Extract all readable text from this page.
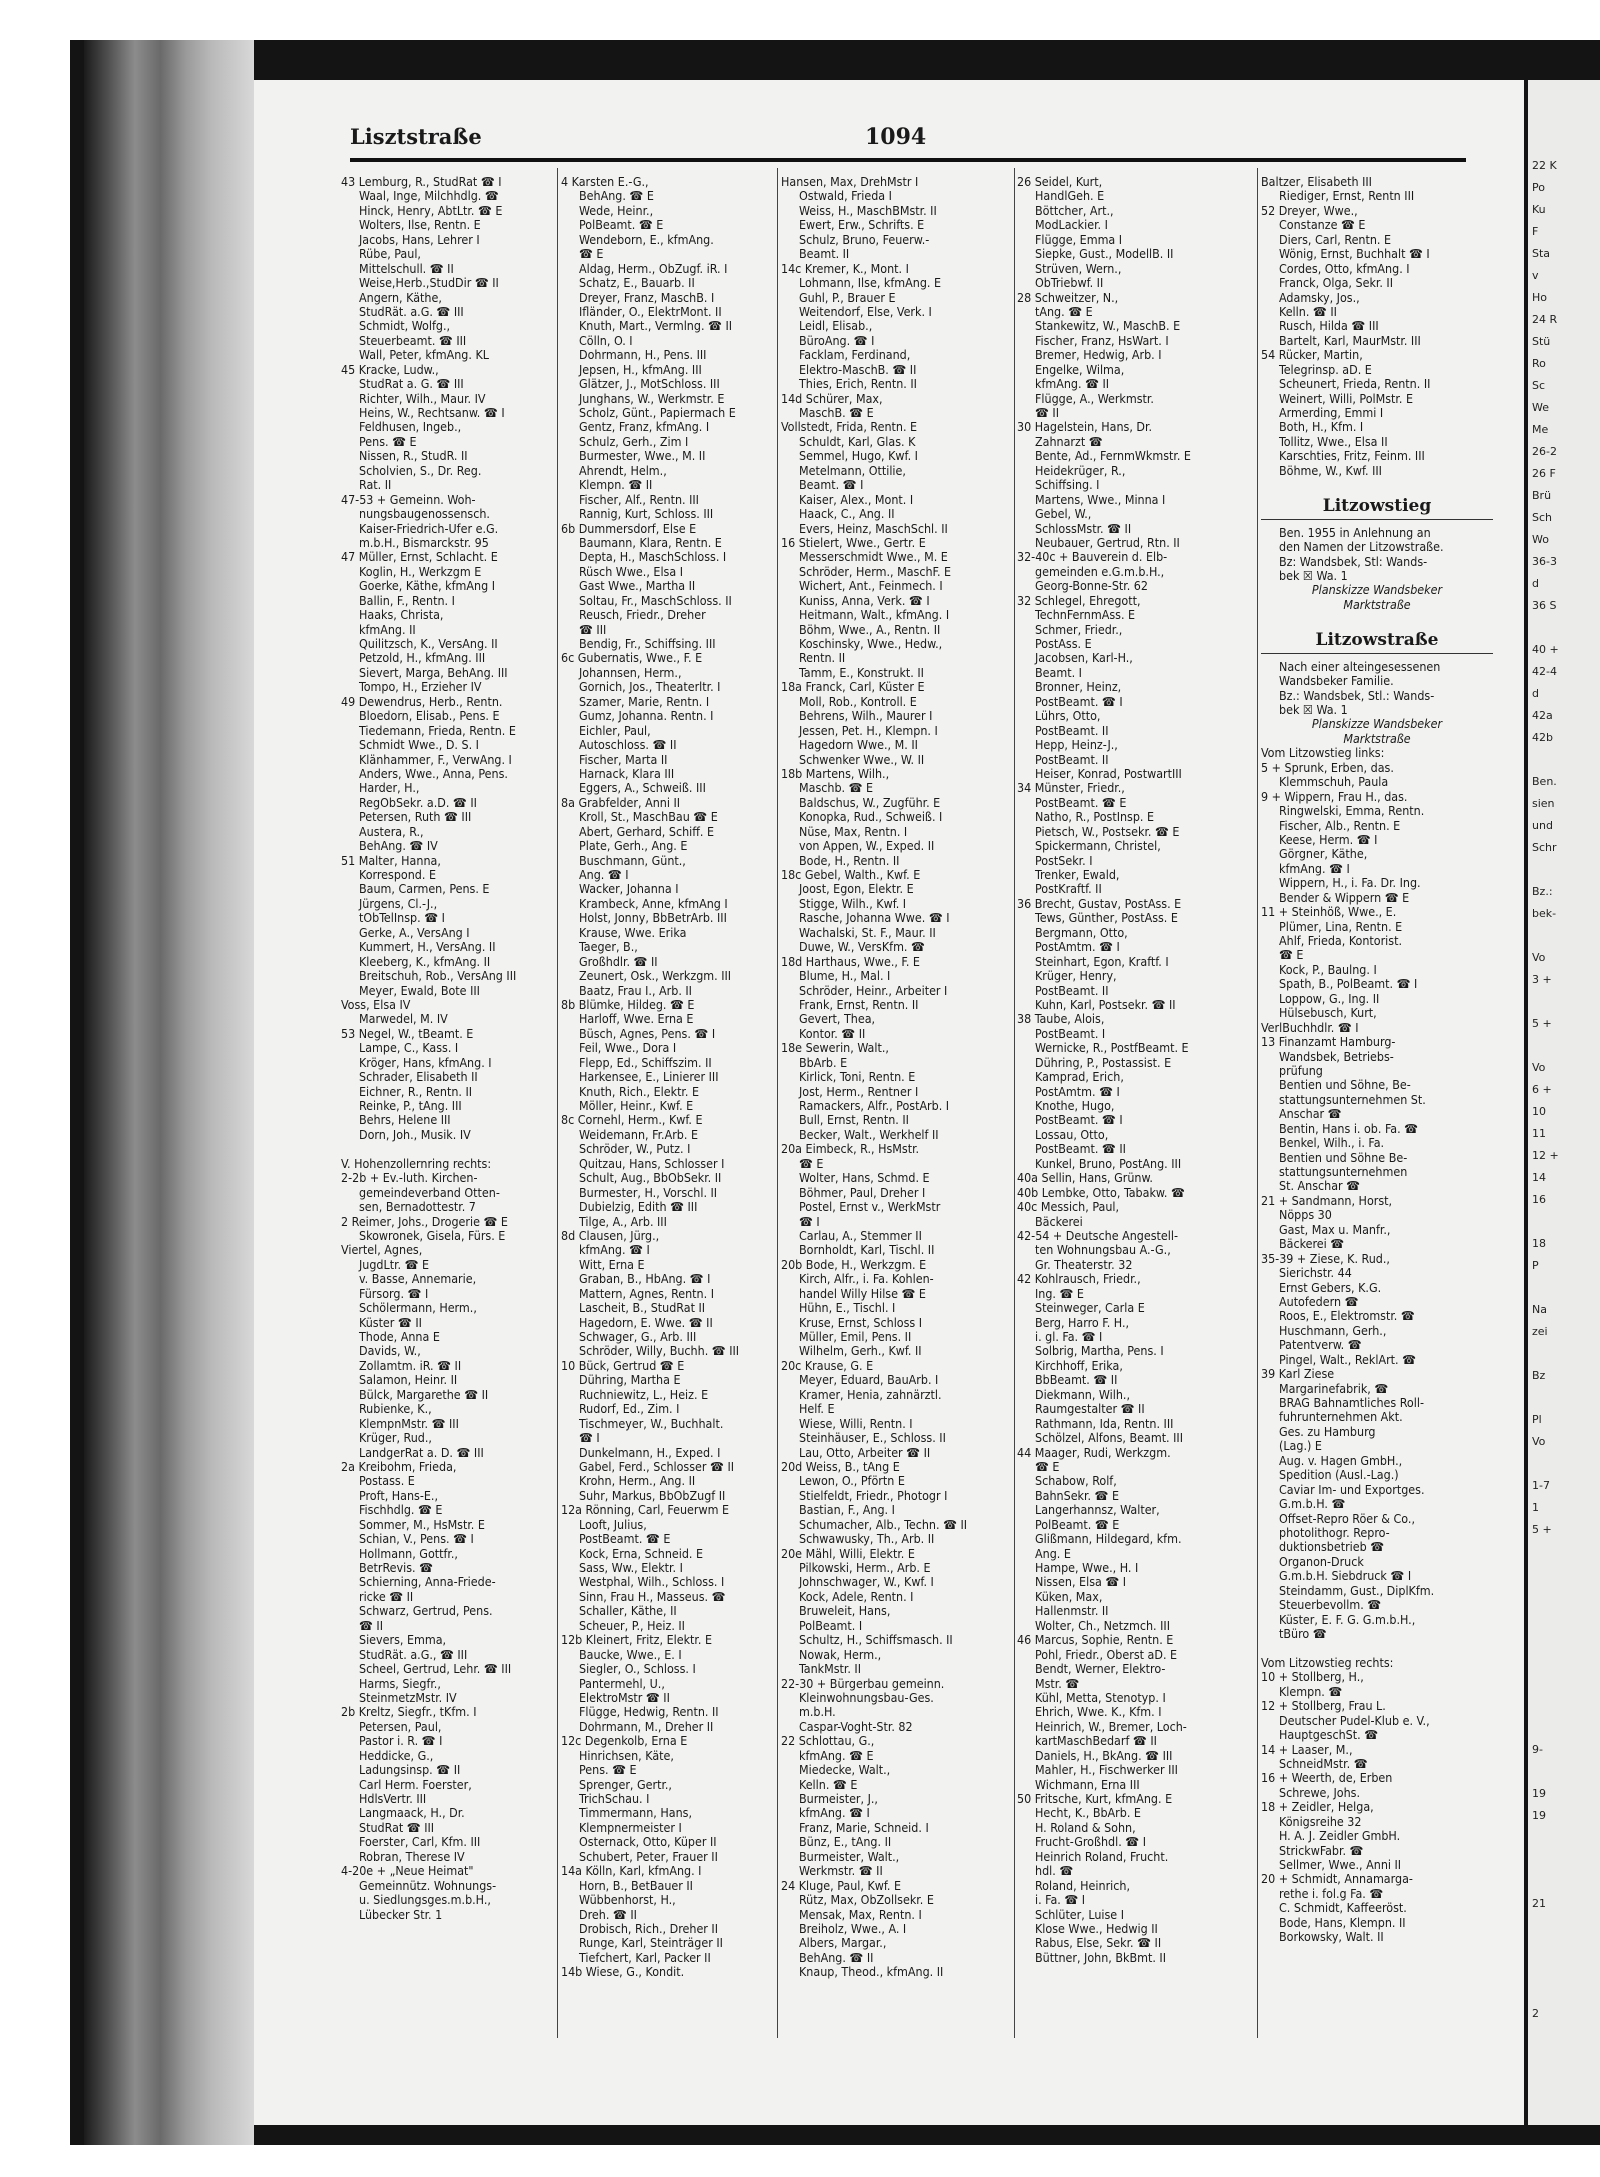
22 K
Po
Ku
F
Sta
v
Ho
24 R
Stü
Ro
Sc
We
Me
26-2
26 F
Brü
Sch
Wo
36-3
d
36 S
40 +
42-4
d
42a
42b
Ben.
sien
und
Schr
Bz.:
bek-
Vo
3 +
5 +
Vo
6 +
10
11
12 +
14
16
18
P
Na
zei
Bz
Pl
Vo
1-7
1
5 +
9-
19
19
21
2
Lisztstraße	1094
43 Lemburg, R., StudRat ☎ I
Waal, Inge, Milchhdlg. ☎
Hinck, Henry, AbtLtr. ☎ E
Wolters, Ilse, Rentn. E
Jacobs, Hans, Lehrer I
Rübe, Paul,
Mittelschull. ☎ II
Weise,Herb.,StudDir ☎ II
Angern, Käthe,
StudRät. a.G. ☎ III
Schmidt, Wolfg.,
Steuerbeamt. ☎ III
Wall, Peter, kfmAng. KL
45 Kracke, Ludw.,
StudRat a. G. ☎ III
Richter, Wilh., Maur. IV
Heins, W., Rechtsanw. ☎ I
Feldhusen, Ingeb.,
Pens. ☎ E
Nissen, R., StudR. II
Scholvien, S., Dr. Reg.
Rat. II
47-53 + Gemeinn. Woh-
nungsbaugenossensch.
Kaiser-Friedrich-Ufer e.G.
m.b.H., Bismarckstr. 95
47 Müller, Ernst, Schlacht. E
Koglin, H., Werkzgm E
Goerke, Käthe, kfmAng I
Ballin, F., Rentn. I
Haaks, Christa,
kfmAng. II
Quilitzsch, K., VersAng. II
Petzold, H., kfmAng. III
Sievert, Marga, BehAng. III
Tompo, H., Erzieher IV
49 Dewendrus, Herb., Rentn.
Bloedorn, Elisab., Pens. E
Tiedemann, Frieda, Rentn. E
Schmidt Wwe., D. S. I
Klänhammer, F., VerwAng. I
Anders, Wwe., Anna, Pens.
Harder, H.,
RegObSekr. a.D. ☎ II
Petersen, Ruth ☎ III
Austera, R.,
BehAng. ☎ IV
51 Malter, Hanna,
Korrespond. E
Baum, Carmen, Pens. E
Jürgens, Cl.-J.,
tObTelInsp. ☎ I
Gerke, A., VersAng I
Kummert, H., VersAng. II
Kleeberg, K., kfmAng. II
Breitschuh, Rob., VersAng III
Meyer, Ewald, Bote III
Voss, Elsa IV
Marwedel, M. IV
53 Negel, W., tBeamt. E
Lampe, C., Kass. I
Kröger, Hans, kfmAng. I
Schrader, Elisabeth II
Eichner, R., Rentn. II
Reinke, P., tAng. III
Behrs, Helene III
Dorn, Joh., Musik. IV
V. Hohenzollernring rechts:
2-2b + Ev.-luth. Kirchen-
gemeindeverband Otten-
sen, Bernadottestr. 7
2 Reimer, Johs., Drogerie ☎ E
Skowronek, Gisela, Fürs. E
Viertel, Agnes,
JugdLtr. ☎ E
v. Basse, Annemarie,
Fürsorg. ☎ I
Schölermann, Herm.,
Küster ☎ II
Thode, Anna E
Davids, W.,
Zollamtm. iR. ☎ II
Salamon, Heinr. II
Bülck, Margarethe ☎ II
Rubienke, K.,
KlempnMstr. ☎ III
Krüger, Rud.,
LandgerRat a. D. ☎ III
2a Kreibohm, Frieda,
Postass. E
Proft, Hans-E.,
Fischhdlg. ☎ E
Sommer, M., HsMstr. E
Schian, V., Pens. ☎ I
Hollmann, Gottfr.,
BetrRevis. ☎
Schierning, Anna-Friede-
ricke ☎ II
Schwarz, Gertrud, Pens.
☎ II
Sievers, Emma,
StudRät. a.G., ☎ III
Scheel, Gertrud, Lehr. ☎ III
Harms, Siegfr.,
SteinmetzMstr. IV
2b Kreltz, Siegfr., tKfm. I
Petersen, Paul,
Pastor i. R. ☎ I
Heddicke, G.,
Ladungsinsp. ☎ II
Carl Herm. Foerster,
HdlsVertr. III
Langmaack, H., Dr.
StudRat ☎ III
Foerster, Carl, Kfm. III
Robran, Therese IV
4-20e + „Neue Heimat"
Gemeinnütz. Wohnungs-
u. Siedlungsges.m.b.H.,
Lübecker Str. 1
4 Karsten E.-G.,
BehAng. ☎ E
Wede, Heinr.,
PolBeamt. ☎ E
Wendeborn, E., kfmAng.
☎ E
Aldag, Herm., ObZugf. iR. I
Schatz, E., Bauarb. II
Dreyer, Franz, MaschB. I
Ifländer, O., ElektrMont. II
Knuth, Mart., Vermlng. ☎ II
Cölln, O. I
Dohrmann, H., Pens. III
Jepsen, H., kfmAng. III
Glätzer, J., MotSchloss. III
Junghans, W., Werkmstr. E
Scholz, Günt., Papiermach E
Gentz, Franz, kfmAng. I
Schulz, Gerh., Zim I
Burmester, Wwe., M. II
Ahrendt, Helm.,
Klempn. ☎ II
Fischer, Alf., Rentn. III
Rannig, Kurt, Schloss. III
6b Dummersdorf, Else E
Baumann, Klara, Rentn. E
Depta, H., MaschSchloss. I
Rüsch Wwe., Elsa I
Gast Wwe., Martha II
Soltau, Fr., MaschSchloss. II
Reusch, Friedr., Dreher
☎ III
Bendig, Fr., Schiffsing. III
6c Gubernatis, Wwe., F. E
Johannsen, Herm.,
Gornich, Jos., Theaterltr. I
Szamer, Marie, Rentn. I
Gumz, Johanna. Rentn. I
Eichler, Paul,
Autoschloss. ☎ II
Fischer, Marta II
Harnack, Klara III
Eggers, A., Schweiß. III
8a Grabfelder, Anni II
Kroll, St., MaschBau ☎ E
Abert, Gerhard, Schiff. E
Plate, Gerh., Ang. E
Buschmann, Günt.,
Ang. ☎ I
Wacker, Johanna I
Krambeck, Anne, kfmAng I
Holst, Jonny, BbBetrArb. III
Krause, Wwe. Erika
Taeger, B.,
Großhdlr. ☎ II
Zeunert, Osk., Werkzgm. III
Baatz, Frau I., Arb. II
8b Blümke, Hildeg. ☎ E
Harloff, Wwe. Erna E
Büsch, Agnes, Pens. ☎ I
Feil, Wwe., Dora I
Flepp, Ed., Schiffszim. II
Harkensee, E., Linierer III
Knuth, Rich., Elektr. E
Möller, Heinr., Kwf. E
8c Cornehl, Herm., Kwf. E
Weidemann, Fr.Arb. E
Schröder, W., Putz. I
Quitzau, Hans, Schlosser I
Schult, Aug., BbObSekr. II
Burmester, H., Vorschl. II
Dubielzig, Edith ☎ III
Tilge, A., Arb. III
8d Clausen, Jürg.,
kfmAng. ☎ I
Witt, Erna E
Graban, B., HbAng. ☎ I
Mattern, Agnes, Rentn. I
Lascheit, B., StudRat II
Hagedorn, E. Wwe. ☎ II
Schwager, G., Arb. III
Schröder, Willy, Buchh. ☎ III
10 Bück, Gertrud ☎ E
Dühring, Martha E
Ruchniewitz, L., Heiz. E
Rudorf, Ed., Zim. I
Tischmeyer, W., Buchhalt.
☎ I
Dunkelmann, H., Exped. I
Gabel, Ferd., Schlosser ☎ II
Krohn, Herm., Ang. II
Suhr, Markus, BbObZugf II
12a Rönning, Carl, Feuerwm E
Looft, Julius,
PostBeamt. ☎ E
Kock, Erna, Schneid. E
Sass, Ww., Elektr. I
Westphal, Wilh., Schloss. I
Sinn, Frau H., Masseus. ☎
Schaller, Käthe, II
Scheuer, P., Heiz. II
12b Kleinert, Fritz, Elektr. E
Baucke, Wwe., E. I
Siegler, O., Schloss. I
Pantermehl, U.,
ElektroMstr ☎ II
Flügge, Hedwig, Rentn. II
Dohrmann, M., Dreher II
12c Degenkolb, Erna E
Hinrichsen, Käte,
Pens. ☎ E
Sprenger, Gertr.,
TrichSchau. I
Timmermann, Hans,
Klempnermeister I
Osternack, Otto, Küper II
Schubert, Peter, Frauer II
14a Kölln, Karl, kfmAng. I
Horn, B., BetBauer II
Wübbenhorst, H.,
Dreh. ☎ II
Drobisch, Rich., Dreher II
Runge, Karl, Steinträger II
Tiefchert, Karl, Packer II
14b Wiese, G., Kondit.
Hansen, Max, DrehMstr I
Ostwald, Frieda I
Weiss, H., MaschBMstr. II
Ewert, Erw., Schrifts. E
Schulz, Bruno, Feuerw.-
Beamt. II
14c Kremer, K., Mont. I
Lohmann, Ilse, kfmAng. E
Guhl, P., Brauer E
Weitendorf, Else, Verk. I
Leidl, Elisab.,
BüroAng. ☎ I
Facklam, Ferdinand,
Elektro-MaschB. ☎ II
Thies, Erich, Rentn. II
14d Schürer, Max,
MaschB. ☎ E
Vollstedt, Frida, Rentn. E
Schuldt, Karl, Glas. K
Semmel, Hugo, Kwf. I
Metelmann, Ottilie,
Beamt. ☎ I
Kaiser, Alex., Mont. I
Haack, C., Ang. II
Evers, Heinz, MaschSchl. II
16 Stielert, Wwe., Gertr. E
Messerschmidt Wwe., M. E
Schröder, Herm., MaschF. E
Wichert, Ant., Feinmech. I
Kuniss, Anna, Verk. ☎ I
Heitmann, Walt., kfmAng. I
Böhm, Wwe., A., Rentn. II
Koschinsky, Wwe., Hedw.,
Rentn. II
Tamm, E., Konstrukt. II
18a Franck, Carl, Küster E
Moll, Rob., Kontroll. E
Behrens, Wilh., Maurer I
Jessen, Pet. H., Klempn. I
Hagedorn Wwe., M. II
Schwenker Wwe., W. II
18b Martens, Wilh.,
Maschb. ☎ E
Baldschus, W., Zugführ. E
Konopka, Rud., Schweiß. I
Nüse, Max, Rentn. I
von Appen, W., Exped. II
Bode, H., Rentn. II
18c Gebel, Walth., Kwf. E
Joost, Egon, Elektr. E
Stigge, Wilh., Kwf. I
Rasche, Johanna Wwe. ☎ I
Wachalski, St. F., Maur. II
Duwe, W., VersKfm. ☎
18d Harthaus, Wwe., F. E
Blume, H., Mal. I
Schröder, Heinr., Arbeiter I
Frank, Ernst, Rentn. II
Gevert, Thea,
Kontor. ☎ II
18e Sewerin, Walt.,
BbArb. E
Kirlick, Toni, Rentn. E
Jost, Herm., Rentner I
Ramackers, Alfr., PostArb. I
Bull, Ernst, Rentn. II
Becker, Walt., Werkhelf II
20a Eimbeck, R., HsMstr.
☎ E
Wolter, Hans, Schmd. E
Böhmer, Paul, Dreher I
Postel, Ernst v., WerkMstr
☎ I
Carlau, A., Stemmer II
Bornholdt, Karl, Tischl. II
20b Bode, H., Werkzgm. E
Kirch, Alfr., i. Fa. Kohlen-
handel Willy Hilse ☎ E
Hühn, E., Tischl. I
Kruse, Ernst, Schloss I
Müller, Emil, Pens. II
Wilhelm, Gerh., Kwf. II
20c Krause, G. E
Meyer, Eduard, BauArb. I
Kramer, Henia, zahnärztl.
Helf. E
Wiese, Willi, Rentn. I
Steinhäuser, E., Schloss. II
Lau, Otto, Arbeiter ☎ II
20d Weiss, B., tAng E
Lewon, O., Pförtn E
Stielfeldt, Friedr., Photogr I
Bastian, F., Ang. I
Schumacher, Alb., Techn. ☎ II
Schwawusky, Th., Arb. II
20e Mähl, Willi, Elektr. E
Pilkowski, Herm., Arb. E
Johnschwager, W., Kwf. I
Kock, Adele, Rentn. I
Bruweleit, Hans,
PolBeamt. I
Schultz, H., Schiffsmasch. II
Nowak, Herm.,
TankMstr. II
22-30 + Bürgerbau gemeinn.
Kleinwohnungsbau-Ges.
m.b.H.
Caspar-Voght-Str. 82
22 Schlottau, G.,
kfmAng. ☎ E
Miedecke, Walt.,
Kelln. ☎ E
Burmeister, J.,
kfmAng. ☎ I
Franz, Marie, Schneid. I
Bünz, E., tAng. II
Burmeister, Walt.,
Werkmstr. ☎ II
24 Kluge, Paul, Kwf. E
Rütz, Max, ObZollsekr. E
Mensak, Max, Rentn. I
Breiholz, Wwe., A. I
Albers, Margar.,
BehAng. ☎ II
Knaup, Theod., kfmAng. II
26 Seidel, Kurt,
HandlGeh. E
Böttcher, Art.,
ModLackier. I
Flügge, Emma I
Siepke, Gust., ModellB. II
Strüven, Wern.,
ObTriebwf. II
28 Schweitzer, N.,
tAng. ☎ E
Stankewitz, W., MaschB. E
Fischer, Franz, HsWart. I
Bremer, Hedwig, Arb. I
Engelke, Wilma,
kfmAng. ☎ II
Flügge, A., Werkmstr.
☎ II
30 Hagelstein, Hans, Dr.
Zahnarzt ☎
Bente, Ad., FernmWkmstr. E
Heidekrüger, R.,
Schiffsing. I
Martens, Wwe., Minna I
Gebel, W.,
SchlossMstr. ☎ II
Neubauer, Gertrud, Rtn. II
32-40c + Bauverein d. Elb-
gemeinden e.G.m.b.H.,
Georg-Bonne-Str. 62
32 Schlegel, Ehregott,
TechnFernmAss. E
Schmer, Friedr.,
PostAss. E
Jacobsen, Karl-H.,
Beamt. I
Bronner, Heinz,
PostBeamt. ☎ I
Lührs, Otto,
PostBeamt. II
Hepp, Heinz-J.,
PostBeamt. II
Heiser, Konrad, PostwartIII
34 Münster, Friedr.,
PostBeamt. ☎ E
Natho, R., PostInsp. E
Pietsch, W., Postsekr. ☎ E
Spickermann, Christel,
PostSekr. I
Trenker, Ewald,
PostKraftf. II
36 Brecht, Gustav, PostAss. E
Tews, Günther, PostAss. E
Bergmann, Otto,
PostAmtm. ☎ I
Steinhart, Egon, Kraftf. I
Krüger, Henry,
PostBeamt. II
Kuhn, Karl, Postsekr. ☎ II
38 Taube, Alois,
PostBeamt. I
Wernicke, R., PostfBeamt. E
Dühring, P., Postassist. E
Kamprad, Erich,
PostAmtm. ☎ I
Knothe, Hugo,
PostBeamt. ☎ I
Lossau, Otto,
PostBeamt. ☎ II
Kunkel, Bruno, PostAng. III
40a Sellin, Hans, Grünw.
40b Lembke, Otto, Tabakw. ☎
40c Messich, Paul,
Bäckerei
42-54 + Deutsche Angestell-
ten Wohnungsbau A.-G.,
Gr. Theaterstr. 32
42 Kohlrausch, Friedr.,
Ing. ☎ E
Steinweger, Carla E
Berg, Harro F. H.,
i. gl. Fa. ☎ I
Solbrig, Martha, Pens. I
Kirchhoff, Erika,
BbBeamt. ☎ II
Diekmann, Wilh.,
Raumgestalter ☎ II
Rathmann, Ida, Rentn. III
Schölzel, Alfons, Beamt. III
44 Maager, Rudi, Werkzgm.
☎ E
Schabow, Rolf,
BahnSekr. ☎ E
Langerhannsz, Walter,
PolBeamt. ☎ E
Glißmann, Hildegard, kfm.
Ang. E
Hampe, Wwe., H. I
Nissen, Elsa ☎ I
Küken, Max,
Hallenmstr. II
Wolter, Ch., Netzmch. III
46 Marcus, Sophie, Rentn. E
Pohl, Friedr., Oberst aD. E
Bendt, Werner, Elektro-
Mstr. ☎
Kühl, Metta, Stenotyp. I
Ehrich, Wwe. K., Kfm. I
Heinrich, W., Bremer, Loch-
kartMaschBedarf ☎ II
Daniels, H., BkAng. ☎ III
Mahler, H., Fischwerker III
Wichmann, Erna III
50 Fritsche, Kurt, kfmAng. E
Hecht, K., BbArb. E
H. Roland & Sohn,
Frucht-Großhdl. ☎ I
Heinrich Roland, Frucht.
hdl. ☎
Roland, Heinrich,
i. Fa. ☎ I
Schlüter, Luise I
Klose Wwe., Hedwig II
Rabus, Else, Sekr. ☎ II
Büttner, John, BkBmt. II
Baltzer, Elisabeth III
Riediger, Ernst, Rentn III
52 Dreyer, Wwe.,
Constanze ☎ E
Diers, Carl, Rentn. E
Wönig, Ernst, Buchhalt ☎ I
Cordes, Otto, kfmAng. I
Franck, Olga, Sekr. II
Adamsky, Jos.,
Kelln. ☎ II
Rusch, Hilda ☎ III
Bartelt, Karl, MaurMstr. III
54 Rücker, Martin,
Telegrinsp. aD. E
Scheunert, Frieda, Rentn. II
Weinert, Willi, PolMstr. E
Armerding, Emmi I
Both, H., Kfm. I
Tollitz, Wwe., Elsa II
Karschties, Fritz, Feinm. III
Böhme, W., Kwf. III
Litzowstieg
Ben. 1955 in Anlehnung an
den Namen der Litzowstraße.
Bz: Wandsbek, Stl: Wands-
bek ☒ Wa. 1
Planskizze Wandsbeker
Marktstraße
Litzowstraße
Nach einer alteingesessenen
Wandsbeker Familie.
Bz.: Wandsbek, Stl.: Wands-
bek ☒ Wa. 1
Planskizze Wandsbeker
Marktstraße
Vom Litzowstieg links:
5 + Sprunk, Erben, das.
Klemmschuh, Paula
9 + Wippern, Frau H., das.
Ringwelski, Emma, Rentn.
Fischer, Alb., Rentn. E
Keese, Herm. ☎ I
Görgner, Käthe,
kfmAng. ☎ I
Wippern, H., i. Fa. Dr. Ing.
Bender & Wippern ☎ E
11 + Steinhöß, Wwe., E.
Plümer, Lina, Rentn. E
Ahlf, Frieda, Kontorist.
☎ E
Kock, P., Baulng. I
Spath, B., PolBeamt. ☎ I
Loppow, G., Ing. II
Hülsebusch, Kurt,
VerlBuchhdlr. ☎ I
13 Finanzamt Hamburg-
Wandsbek, Betriebs-
prüfung
Bentien und Söhne, Be-
stattungsunternehmen St.
Anschar ☎
Bentin, Hans i. ob. Fa. ☎
Benkel, Wilh., i. Fa.
Bentien und Söhne Be-
stattungsunternehmen
St. Anschar ☎
21 + Sandmann, Horst,
Nöpps 30
Gast, Max u. Manfr.,
Bäckerei ☎
35-39 + Ziese, K. Rud.,
Sierichstr. 44
Ernst Gebers, K.G.
Autofedern ☎
Roos, E., Elektromstr. ☎
Huschmann, Gerh.,
Patentverw. ☎
Pingel, Walt., ReklArt. ☎
39 Karl Ziese
Margarinefabrik, ☎
BRAG Bahnamtliches Roll-
fuhrunternehmen Akt.
Ges. zu Hamburg
(Lag.) E
Aug. v. Hagen GmbH.,
Spedition (Ausl.-Lag.)
Caviar Im- und Exportges.
G.m.b.H. ☎
Offset-Repro Röer & Co.,
photolithogr. Repro-
duktionsbetrieb ☎
Organon-Druck
G.m.b.H. Siebdruck ☎ I
Steindamm, Gust., DiplKfm.
Steuerbevollm. ☎
Küster, E. F. G. G.m.b.H.,
tBüro ☎
Vom Litzowstieg rechts:
10 + Stollberg, H.,
Klempn. ☎
12 + Stollberg, Frau L.
Deutscher Pudel-Klub e. V.,
HauptgeschSt. ☎
14 + Laaser, M.,
SchneidMstr. ☎
16 + Weerth, de, Erben
Schrewe, Johs.
18 + Zeidler, Helga,
Königsreihe 32
H. A. J. Zeidler GmbH.
StrickwFabr. ☎
Sellmer, Wwe., Anni II
20 + Schmidt, Annamarga-
rethe i. fol.g Fa. ☎
C. Schmidt, Kaffeeröst.
Bode, Hans, Klempn. II
Borkowsky, Walt. II
